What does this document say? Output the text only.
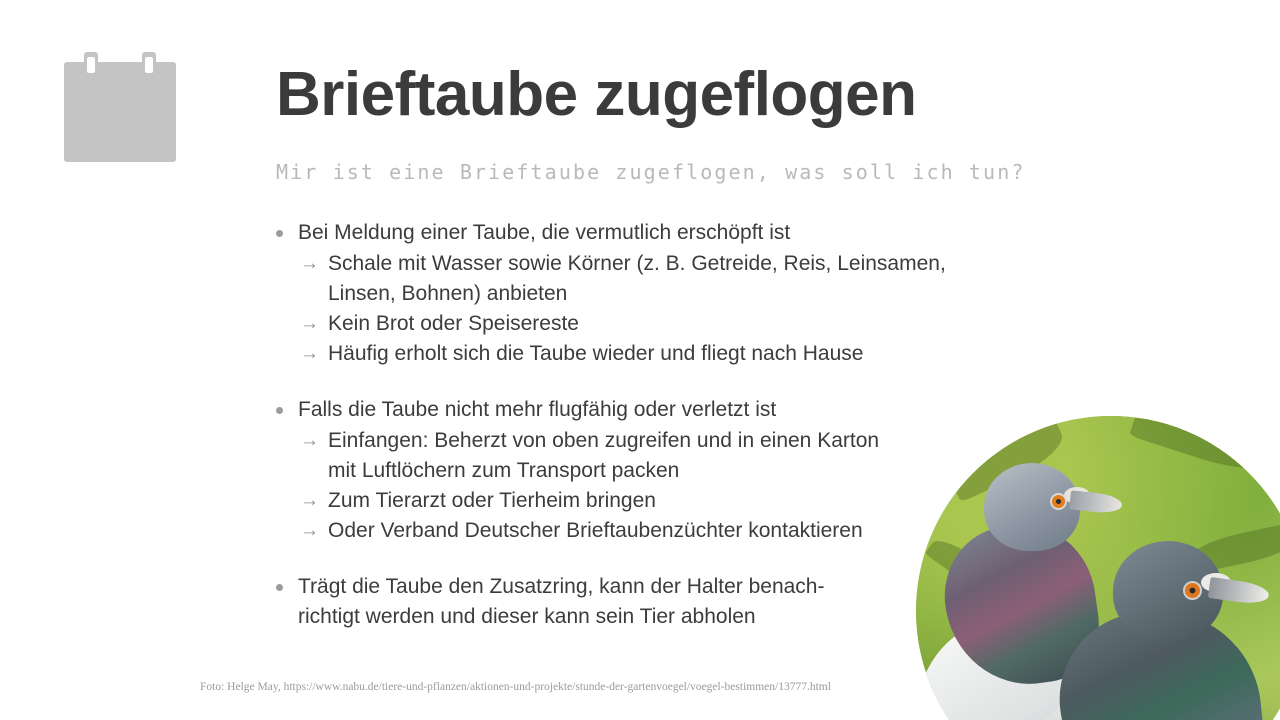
Brieftaube zugeflogen
Mir ist eine Brieftaube zugeflogen, was soll ich tun?
Bei Meldung einer Taube, die vermutlich erschöpft ist
→ Schale mit Wasser sowie Körner (z. B. Getreide, Reis, Leinsamen,
Linsen, Bohnen) anbieten
→ Kein Brot oder Speisereste
→ Häufig erholt sich die Taube wieder und fliegt nach Hause
Falls die Taube nicht mehr flugfähig oder verletzt ist
→ Einfangen: Beherzt von oben zugreifen und in einen Karton
mit Luftlöchern zum Transport packen
→ Zum Tierarzt oder Tierheim bringen
→ Oder Verband Deutscher Brieftaubenzüchter kontaktieren
Trägt die Taube den Zusatzring, kann der Halter benach-
richtigt werden und dieser kann sein Tier abholen
Foto: Helge May, https://www.nabu.de/tiere-und-pflanzen/aktionen-und-projekte/stunde-der-gartenvoegel/voegel-bestimmen/13777.html
